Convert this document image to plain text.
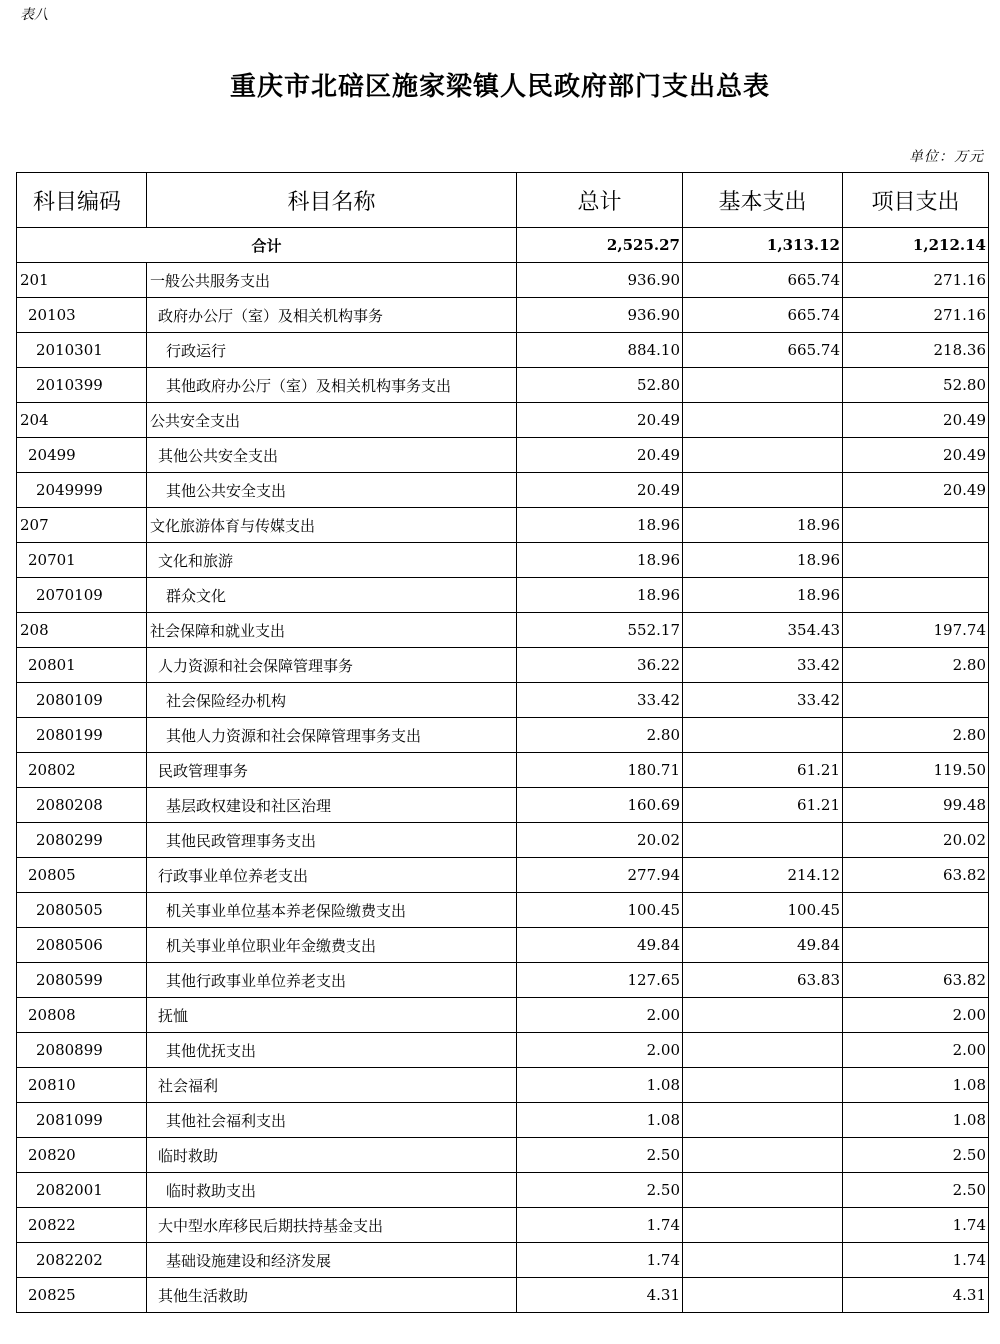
表八
重庆市北碚区施家梁镇人民政府部门支出总表
单位：万元
科目编码	科目名称	总计	基本支出	项目支出
合计		2,525.27	1,313.12	1,212.14
201	一般公共服务支出	936.90	665.74	271.16
20103	政府办公厅（室）及相关机构事务	936.90	665.74	271.16
2010301	行政运行	884.10	665.74	218.36
2010399	其他政府办公厅（室）及相关机构事务支出	52.80		52.80
204	公共安全支出	20.49		20.49
20499	其他公共安全支出	20.49		20.49
2049999	其他公共安全支出	20.49		20.49
207	文化旅游体育与传媒支出	18.96	18.96	
20701	文化和旅游	18.96	18.96	
2070109	群众文化	18.96	18.96	
208	社会保障和就业支出	552.17	354.43	197.74
20801	人力资源和社会保障管理事务	36.22	33.42	2.80
2080109	社会保险经办机构	33.42	33.42	
2080199	其他人力资源和社会保障管理事务支出	2.80		2.80
20802	民政管理事务	180.71	61.21	119.50
2080208	基层政权建设和社区治理	160.69	61.21	99.48
2080299	其他民政管理事务支出	20.02		20.02
20805	行政事业单位养老支出	277.94	214.12	63.82
2080505	机关事业单位基本养老保险缴费支出	100.45	100.45	
2080506	机关事业单位职业年金缴费支出	49.84	49.84	
2080599	其他行政事业单位养老支出	127.65	63.83	63.82
20808	抚恤	2.00		2.00
2080899	其他优抚支出	2.00		2.00
20810	社会福利	1.08		1.08
2081099	其他社会福利支出	1.08		1.08
20820	临时救助	2.50		2.50
2082001	临时救助支出	2.50		2.50
20822	大中型水库移民后期扶持基金支出	1.74		1.74
2082202	基础设施建设和经济发展	1.74		1.74
20825	其他生活救助	4.31		4.31
